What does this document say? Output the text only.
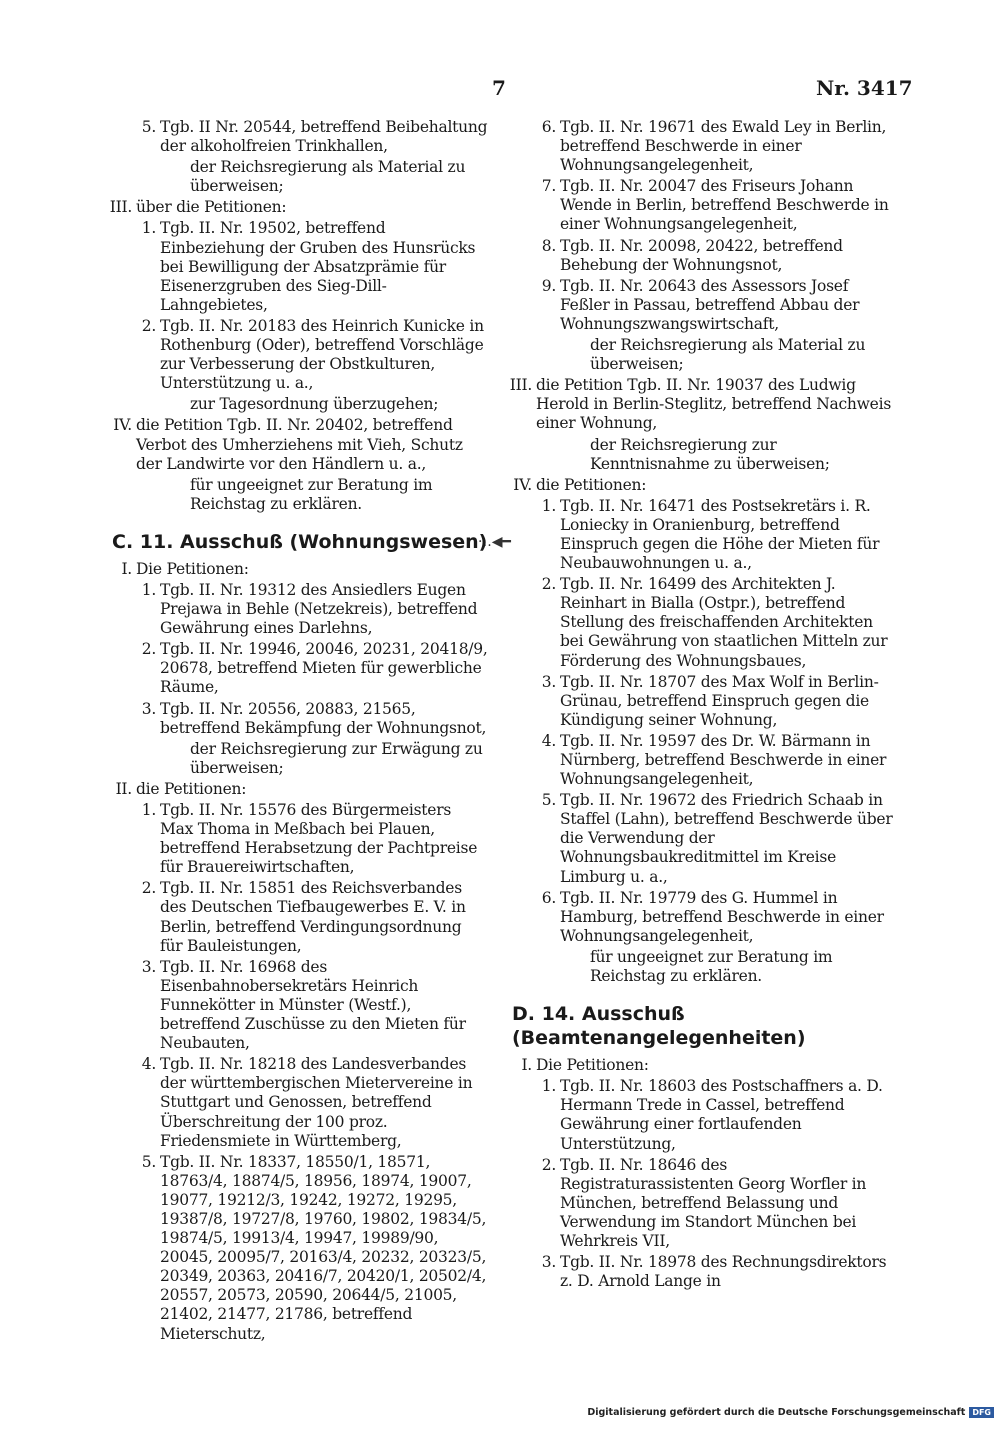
7	Nr. 3417
·‥◀━
5. Tgb. II Nr. 20544, betreffend Beibehaltung der alkoholfreien Trinkhallen,
der Reichsregierung als Material zu überweisen;
III. über die Petitionen:
1. Tgb. II. Nr. 19502, betreffend Einbeziehung der Gruben des Hunsrücks bei Bewilligung der Absatzprämie für Eisenerzgruben des Sieg-Dill-Lahngebietes,
2. Tgb. II. Nr. 20183 des Heinrich Kunicke in Rothenburg (Oder), betreffend Vorschläge zur Verbesserung der Obstkulturen, Unterstützung u. a.,
zur Tagesordnung überzugehen;
IV. die Petition Tgb. II. Nr. 20402, betreffend Verbot des Umherziehens mit Vieh, Schutz der Landwirte vor den Händlern u. a.,
für ungeeignet zur Beratung im Reichstag zu erklären.
C. 11. Ausschuß (Wohnungswesen)
I. Die Petitionen:
1. Tgb. II. Nr. 19312 des Ansiedlers Eugen Prejawa in Behle (Netzekreis), betreffend Gewährung eines Darlehns,
2. Tgb. II. Nr. 19946, 20046, 20231, 20418/9, 20678, betreffend Mieten für gewerbliche Räume,
3. Tgb. II. Nr. 20556, 20883, 21565, betreffend Bekämpfung der Wohnungsnot,
der Reichsregierung zur Erwägung zu überweisen;
II. die Petitionen:
1. Tgb. II. Nr. 15576 des Bürgermeisters Max Thoma in Meßbach bei Plauen, betreffend Herabsetzung der Pachtpreise für Brauereiwirtschaften,
2. Tgb. II. Nr. 15851 des Reichsverbandes des Deutschen Tiefbaugewerbes E. V. in Berlin, betreffend Verdingungsordnung für Bauleistungen,
3. Tgb. II. Nr. 16968 des Eisenbahnobersekretärs Heinrich Funnekötter in Münster (Westf.), betreffend Zuschüsse zu den Mieten für Neubauten,
4. Tgb. II. Nr. 18218 des Landesverbandes der württembergischen Mietervereine in Stuttgart und Genossen, betreffend Überschreitung der 100 proz. Friedensmiete in Württemberg,
5. Tgb. II. Nr. 18337, 18550/1, 18571, 18763/4, 18874/5, 18956, 18974, 19007, 19077, 19212/3, 19242, 19272, 19295, 19387/8, 19727/8, 19760, 19802, 19834/5, 19874/5, 19913/4, 19947, 19989/90, 20045, 20095/7, 20163/4, 20232, 20323/5, 20349, 20363, 20416/7, 20420/1, 20502/4, 20557, 20573, 20590, 20644/5, 21005, 21402, 21477, 21786, betreffend Mieterschutz,
6. Tgb. II. Nr. 19671 des Ewald Ley in Berlin, betreffend Beschwerde in einer Wohnungsangelegenheit,
7. Tgb. II. Nr. 20047 des Friseurs Johann Wende in Berlin, betreffend Beschwerde in einer Wohnungsangelegenheit,
8. Tgb. II. Nr. 20098, 20422, betreffend Behebung der Wohnungsnot,
9. Tgb. II. Nr. 20643 des Assessors Josef Feßler in Passau, betreffend Abbau der Wohnungszwangswirtschaft,
der Reichsregierung als Material zu überweisen;
III. die Petition Tgb. II. Nr. 19037 des Ludwig Herold in Berlin-Steglitz, betreffend Nachweis einer Wohnung,
der Reichsregierung zur Kenntnisnahme zu überweisen;
IV. die Petitionen:
1. Tgb. II. Nr. 16471 des Postsekretärs i. R. Loniecky in Oranienburg, betreffend Einspruch gegen die Höhe der Mieten für Neubauwohnungen u. a.,
2. Tgb. II. Nr. 16499 des Architekten J. Reinhart in Bialla (Ostpr.), betreffend Stellung des freischaffenden Architekten bei Gewährung von staatlichen Mitteln zur Förderung des Wohnungsbaues,
3. Tgb. II. Nr. 18707 des Max Wolf in Berlin-Grünau, betreffend Einspruch gegen die Kündigung seiner Wohnung,
4. Tgb. II. Nr. 19597 des Dr. W. Bärmann in Nürnberg, betreffend Beschwerde in einer Wohnungsangelegenheit,
5. Tgb. II. Nr. 19672 des Friedrich Schaab in Staffel (Lahn), betreffend Beschwerde über die Verwendung der Wohnungsbaukreditmittel im Kreise Limburg u. a.,
6. Tgb. II. Nr. 19779 des G. Hummel in Hamburg, betreffend Beschwerde in einer Wohnungsangelegenheit,
für ungeeignet zur Beratung im Reichstag zu erklären.
D. 14. Ausschuß (Beamtenangelegenheiten)
I. Die Petitionen:
1. Tgb. II. Nr. 18603 des Postschaffners a. D. Hermann Trede in Cassel, betreffend Gewährung einer fortlaufenden Unterstützung,
2. Tgb. II. Nr. 18646 des Registraturassistenten Georg Worfler in München, betreffend Belassung und Verwendung im Standort München bei Wehrkreis VII,
3. Tgb. II. Nr. 18978 des Rechnungsdirektors z. D. Arnold Lange in
Digitalisierung gefördert durch die Deutsche Forschungsgemeinschaft DFG
